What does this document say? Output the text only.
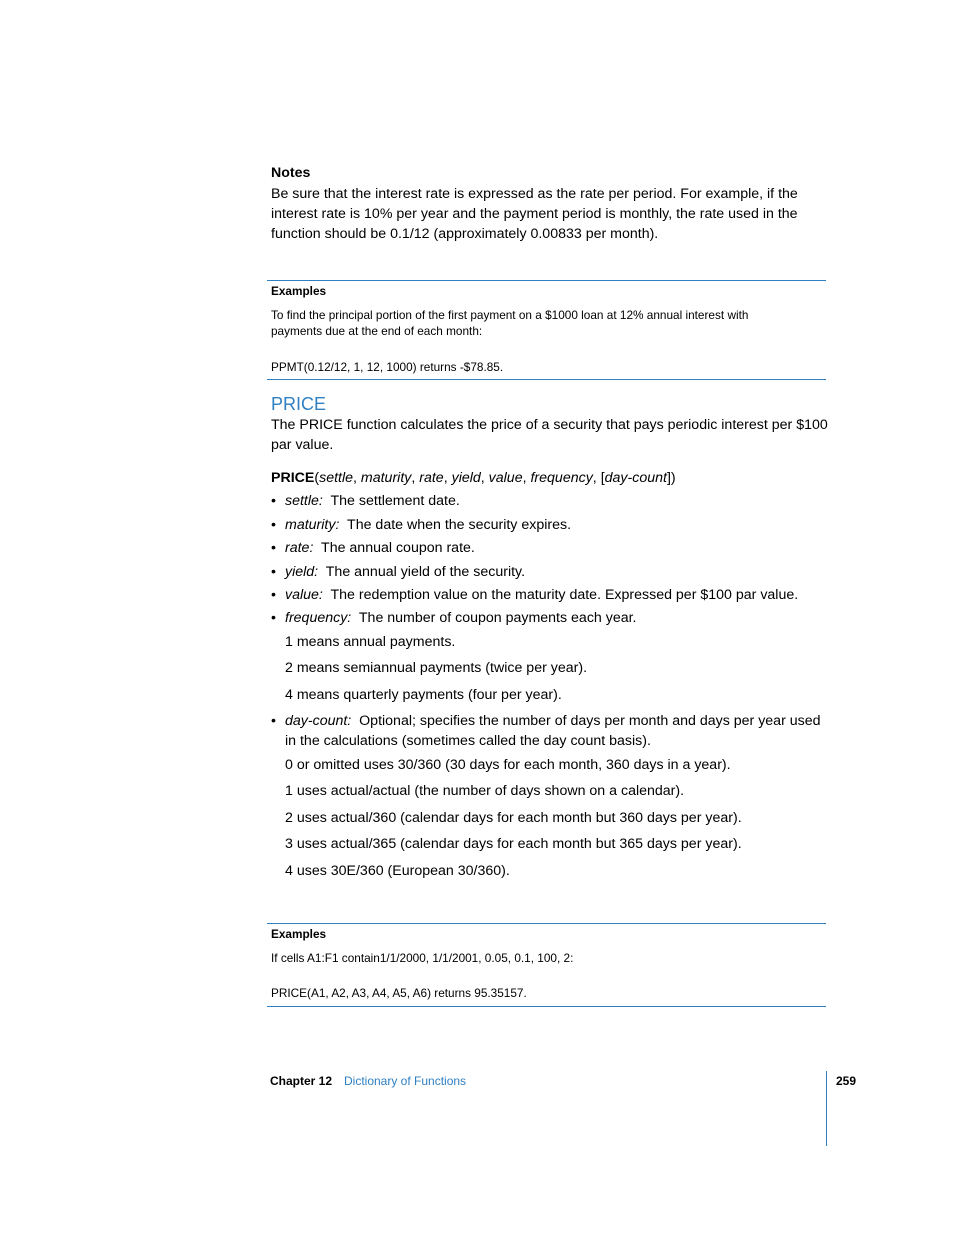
Notes
Be sure that the interest rate is expressed as the rate per period. For example, if the
interest rate is 10% per year and the payment period is monthly, the rate used in the
function should be 0.1/12 (approximately 0.00833 per month).
Examples
To find the principal portion of the first payment on a $1000 loan at 12% annual interest with
payments due at the end of each month:
PPMT(0.12/12, 1, 12, 1000) returns -$78.85.
PRICE
The PRICE function calculates the price of a security that pays periodic interest per $100
par value.
PRICE(settle, maturity, rate, yield, value, frequency, [day-count])
• settle: The settlement date.
• maturity: The date when the security expires.
• rate: The annual coupon rate.
• yield: The annual yield of the security.
• value: The redemption value on the maturity date. Expressed per $100 par value.
• frequency: The number of coupon payments each year.
1 means annual payments.
2 means semiannual payments (twice per year).
4 means quarterly payments (four per year).
• day-count: Optional; specifies the number of days per month and days per year used
in the calculations (sometimes called the day count basis).
0 or omitted uses 30/360 (30 days for each month, 360 days in a year).
1 uses actual/actual (the number of days shown on a calendar).
2 uses actual/360 (calendar days for each month but 360 days per year).
3 uses actual/365 (calendar days for each month but 365 days per year).
4 uses 30E/360 (European 30/360).
Examples
If cells A1:F1 contain1/1/2000, 1/1/2001, 0.05, 0.1, 100, 2:
PRICE(A1, A2, A3, A4, A5, A6) returns 95.35157.
Chapter 12 Dictionary of Functions	259
